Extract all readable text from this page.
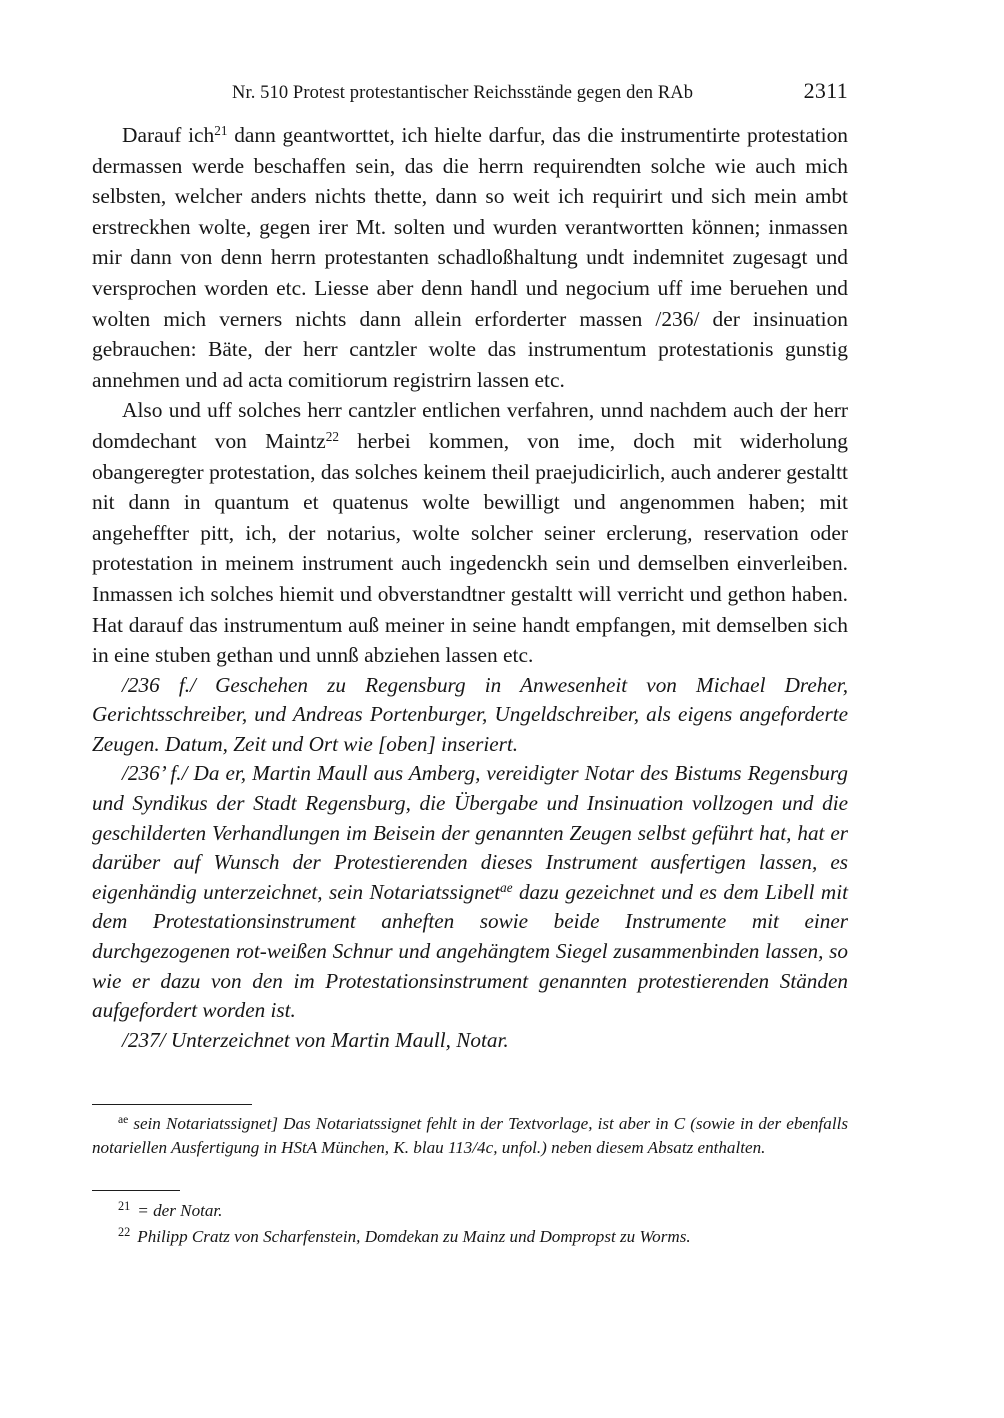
Nr. 510 Protest protestantischer Reichsstände gegen den RAb	2311

Darauf ich$^{21}$ dann geantworttet, ich hielte darfur, das die instrumentirte protestation dermassen werde beschaffen sein, das die herrn requirendten solche wie auch mich selbsten, welcher anders nichts thette, dann so weit ich requirirt und sich mein ambt erstreckhen wolte, gegen irer Mt. solten und wurden verantwortten können; inmassen mir dann von denn herrn protestanten schadloßhaltung undt indemnitet zugesagt und versprochen worden etc. Liesse aber denn handl und negocium uff ime beruehen und wolten mich verners nichts dann allein erforderter massen /236/ der insinuation gebrauchen: Bäte, der herr cantzler wolte das instrumentum protestationis gunstig annehmen und ad acta comitiorum registrirn lassen etc.

Also und uff solches herr cantzler entlichen verfahren, unnd nachdem auch der herr domdechant von Maintz$^{22}$ herbei kommen, von ime, doch mit widerholung obangeregter protestation, das solches keinem theil praejudicirlich, auch anderer gestaltt nit dann in quantum et quatenus wolte bewilligt und angenommen haben; mit angeheffter pitt, ich, der notarius, wolte solcher seiner erclerung, reservation oder protestation in meinem instrument auch ingedenckh sein und demselben einverleiben. Inmassen ich solches hiemit und obverstandtner gestaltt will verricht und gethon haben. Hat darauf das instrumentum auß meiner in seine handt empfangen, mit demselben sich in eine stuben gethan und unnß abziehen lassen etc.

/236 f./ Geschehen zu Regensburg in Anwesenheit von Michael Dreher, Gerichtsschreiber, und Andreas Portenburger, Ungeldschreiber, als eigens angeforderte Zeugen. Datum, Zeit und Ort wie [oben] inseriert.

/236’ f./ Da er, Martin Maull aus Amberg, vereidigter Notar des Bistums Regensburg und Syndikus der Stadt Regensburg, die Übergabe und Insinuation vollzogen und die geschilderten Verhandlungen im Beisein der genannten Zeugen selbst geführt hat, hat er darüber auf Wunsch der Protestierenden dieses Instrument ausfertigen lassen, es eigenhändig unterzeichnet, sein Notariatssignet$^{ae}$ dazu gezeichnet und es dem Libell mit dem Protestationsinstrument anheften sowie beide Instrumente mit einer durchgezogenen rot-weißen Schnur und angehängtem Siegel zusammenbinden lassen, so wie er dazu von den im Protestationsinstrument genannten protestierenden Ständen aufgefordert worden ist.

/237/ Unterzeichnet von Martin Maull, Notar.

$^{ae}$ sein Notariatssignet] Das Notariatssignet fehlt in der Textvorlage, ist aber in C (sowie in der ebenfalls notariellen Ausfertigung in HStA München, K. blau 113/4c, unfol.) neben diesem Absatz enthalten.

$^{21}$ = der Notar.

$^{22}$ Philipp Cratz von Scharfenstein, Domdekan zu Mainz und Dompropst zu Worms.
